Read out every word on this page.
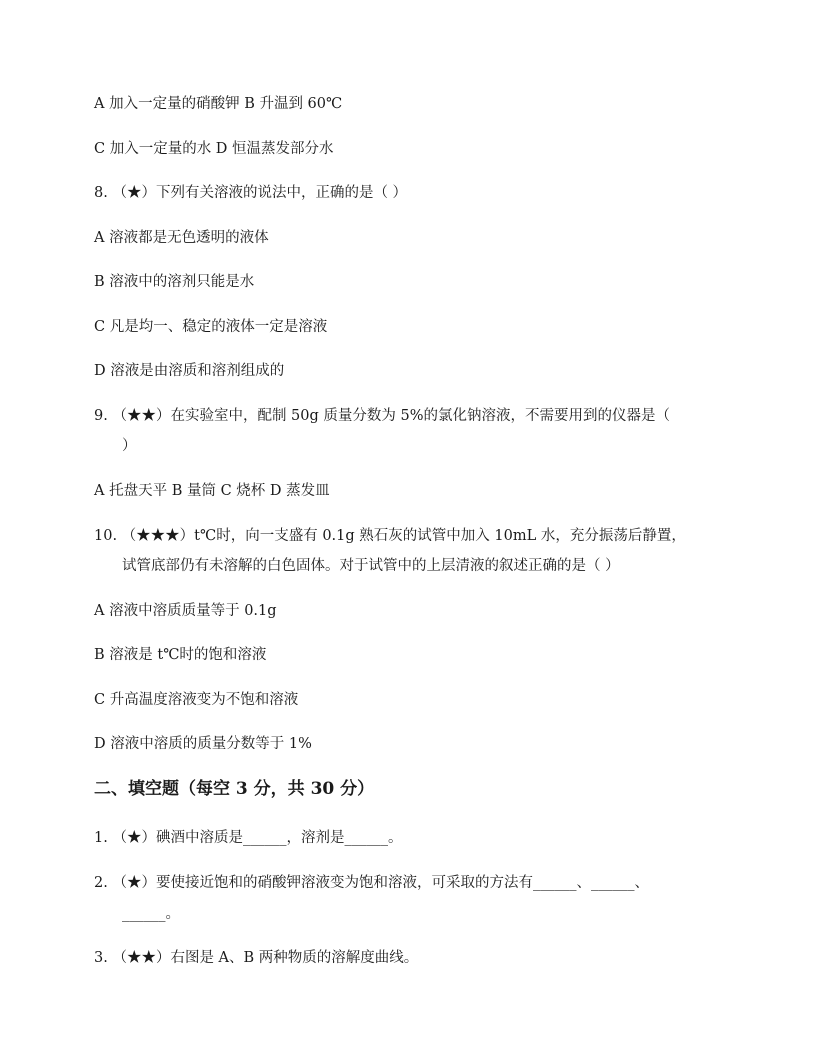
A 加入一定量的硝酸钾 B 升温到 60℃
C 加入一定量的水 D 恒温蒸发部分水
8. （★）下列有关溶液的说法中，正确的是（ ）
A 溶液都是无色透明的液体
B 溶液中的溶剂只能是水
C 凡是均一、稳定的液体一定是溶液
D 溶液是由溶质和溶剂组成的
9. （★★）在实验室中，配制 50g 质量分数为 5%的氯化钠溶液，不需要用到的仪器是（
）
A 托盘天平 B 量筒 C 烧杯 D 蒸发皿
10. （★★★）t℃时，向一支盛有 0.1g 熟石灰的试管中加入 10mL 水，充分振荡后静置，
试管底部仍有未溶解的白色固体。对于试管中的上层清液的叙述正确的是（ ）
A 溶液中溶质质量等于 0.1g
B 溶液是 t℃时的饱和溶液
C 升高温度溶液变为不饱和溶液
D 溶液中溶质的质量分数等于 1%
二、填空题（每空 3 分，共 30 分）
1. （★）碘酒中溶质是______，溶剂是______。
2. （★）要使接近饱和的硝酸钾溶液变为饱和溶液，可采取的方法有______、______、
______。
3. （★★）右图是 A、B 两种物质的溶解度曲线。
